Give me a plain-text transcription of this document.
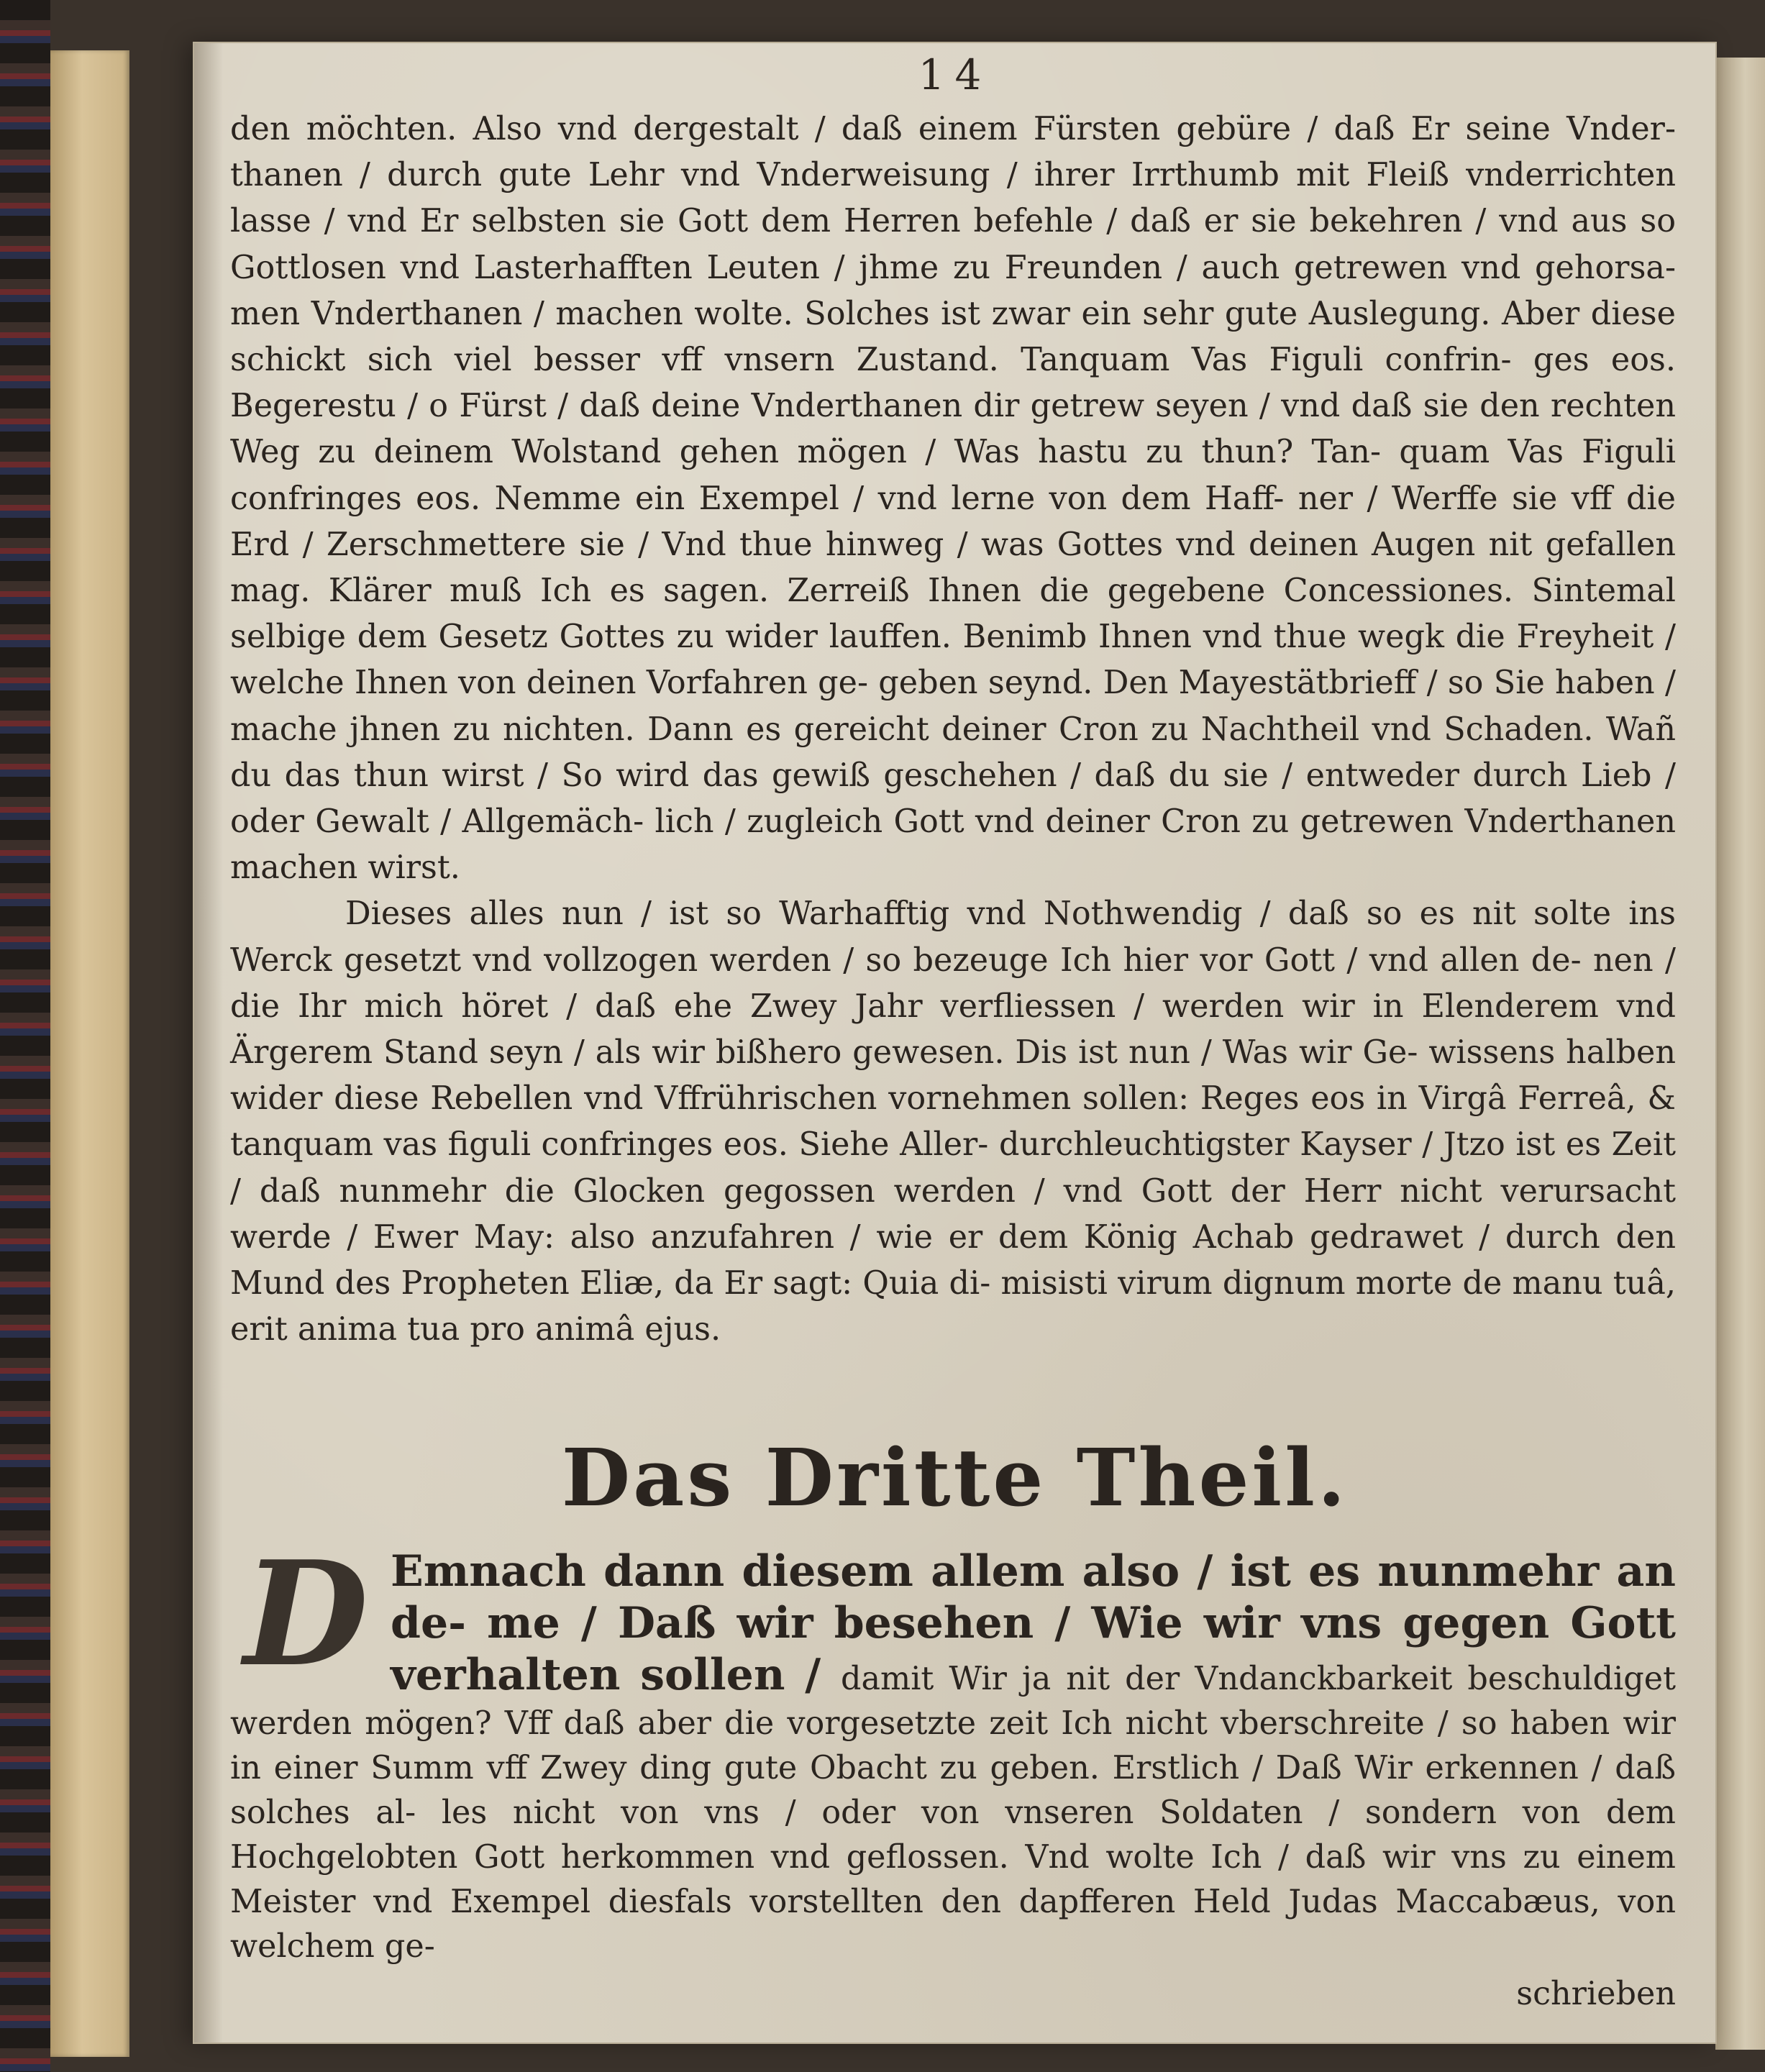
14

den möchten. Also vnd dergestalt / daß einem Fürsten gebüre / daß Er seine Vnder- thanen / durch gute Lehr vnd Vnderweisung / ihrer Irrthumb mit Fleiß vnderrichten lasse / vnd Er selbsten sie Gott dem Herren befehle / daß er sie bekehren / vnd aus so Gottlosen vnd Lasterhafften Leuten / jhme zu Freunden / auch getrewen vnd gehorsa- men Vnderthanen / machen wolte. Solches ist zwar ein sehr gute Auslegung. Aber diese schickt sich viel besser vff vnsern Zustand. Tanquam Vas Figuli confrin- ges eos. Begerestu / o Fürst / daß deine Vnderthanen dir getrew seyen / vnd daß sie den rechten Weg zu deinem Wolstand gehen mögen / Was hastu zu thun? Tan- quam Vas Figuli confringes eos. Nemme ein Exempel / vnd lerne von dem Haff- ner / Werffe sie vff die Erd / Zerschmettere sie / Vnd thue hinweg / was Gottes vnd deinen Augen nit gefallen mag. Klärer muß Ich es sagen. Zerreiß Ihnen die gegebene Concessiones. Sintemal selbige dem Gesetz Gottes zu wider lauffen. Benimb Ihnen vnd thue wegk die Freyheit / welche Ihnen von deinen Vorfahren ge- geben seynd. Den Mayestätbrieff / so Sie haben / mache jhnen zu nichten. Dann es gereicht deiner Cron zu Nachtheil vnd Schaden. Wañ du das thun wirst / So wird das gewiß geschehen / daß du sie / entweder durch Lieb / oder Gewalt / Allgemäch- lich / zugleich Gott vnd deiner Cron zu getrewen Vnderthanen machen wirst.

Dieses alles nun / ist so Warhafftig vnd Nothwendig / daß so es nit solte ins Werck gesetzt vnd vollzogen werden / so bezeuge Ich hier vor Gott / vnd allen de- nen / die Ihr mich höret / daß ehe Zwey Jahr verfliessen / werden wir in Elenderem vnd Ärgerem Stand seyn / als wir bißhero gewesen. Dis ist nun / Was wir Ge- wissens halben wider diese Rebellen vnd Vffrührischen vornehmen sollen: Reges eos in Virgâ Ferreâ, & tanquam vas figuli confringes eos. Siehe Aller- durchleuchtigster Kayser / Jtzo ist es Zeit / daß nunmehr die Glocken gegossen werden / vnd Gott der Herr nicht verursacht werde / Ewer May: also anzufahren / wie er dem König Achab gedrawet / durch den Mund des Propheten Eliæ, da Er sagt: Quia di- misisti virum dignum morte de manu tuâ, erit anima tua pro animâ ejus.

Das Dritte Theil.
D Emnach dann diesem allem also / ist es nunmehr an de- me / Daß wir besehen / Wie wir vns gegen Gott verhalten sollen / damit Wir ja nit der Vndanckbarkeit beschuldiget werden mögen? Vff daß aber die vorgesetzte zeit Ich nicht vberschreite / so haben wir in einer Summ vff Zwey ding gute Obacht zu geben. Erstlich / Daß Wir erkennen / daß solches al- les nicht von vns / oder von vnseren Soldaten / sondern von dem Hochgelobten Gott herkommen vnd geflossen. Vnd wolte Ich / daß wir vns zu einem Meister vnd Exempel diesfals vorstellten den dapfferen Held Judas Maccabæus, von welchem ge-

schrieben
